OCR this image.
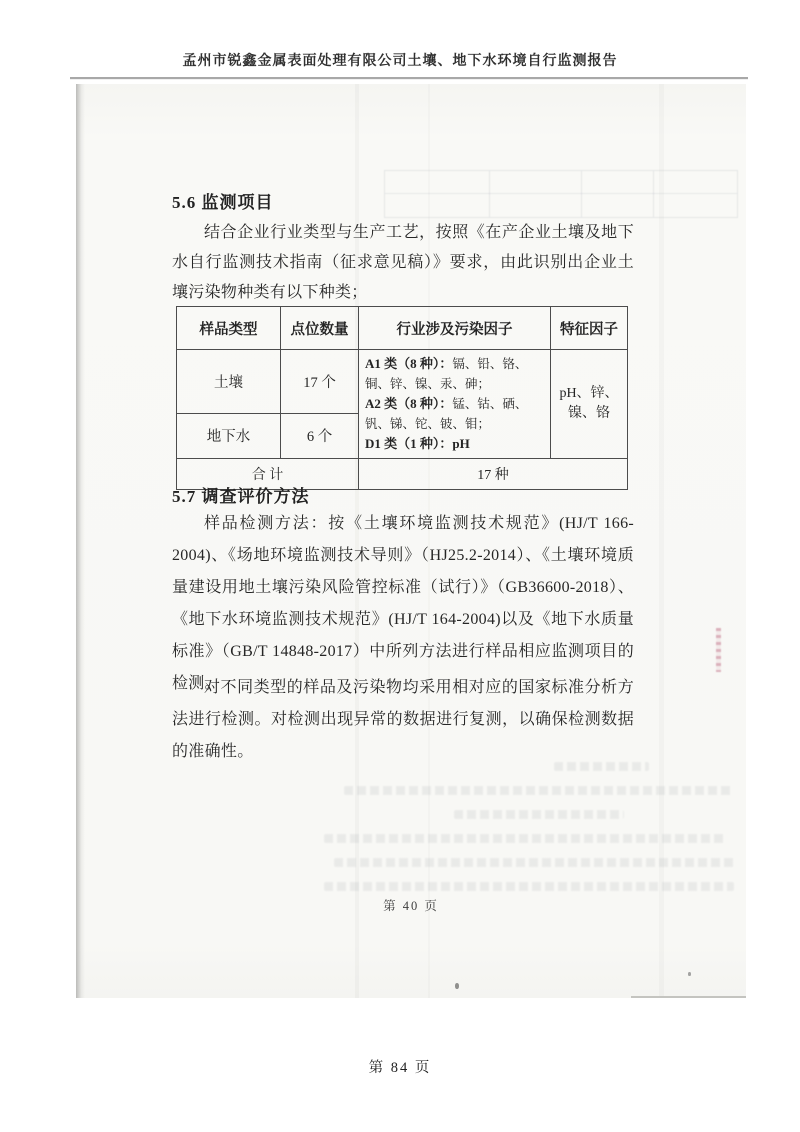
孟州市锐鑫金属表面处理有限公司土壤、地下水环境自行监测报告
5.6 监测项目
结合企业行业类型与生产工艺，按照《在产企业土壤及地下水自行监测技术指南（征求意见稿）》要求，由此识别出企业土壤污染物种类有以下种类；
样品类型	点位数量	行业涉及污染因子	特征因子
土壤	17 个	A1 类（8 种）：镉、铅、铬、铜、锌、镍、汞、砷；
A2 类（8 种）：锰、钴、硒、钒、锑、铊、铍、钼；
D1 类（1 种）：pH	pH、锌、镍、铬
地下水	6 个		
合 计		17 种	
5.7 调查评价方法
样品检测方法：按《土壤环境监测技术规范》(HJ/T 166-2004)、《场地环境监测技术导则》（HJ25.2-2014）、《土壤环境质量建设用地土壤污染风险管控标准（试行）》（GB36600-2018）、《地下水环境监测技术规范》(HJ/T 164-2004)以及《地下水质量标准》（GB/T 14848-2017）中所列方法进行样品相应监测项目的检测。
对不同类型的样品及污染物均采用相对应的国家标准分析方法进行检测。对检测出现异常的数据进行复测，以确保检测数据的准确性。
第 40 页
第 84 页
